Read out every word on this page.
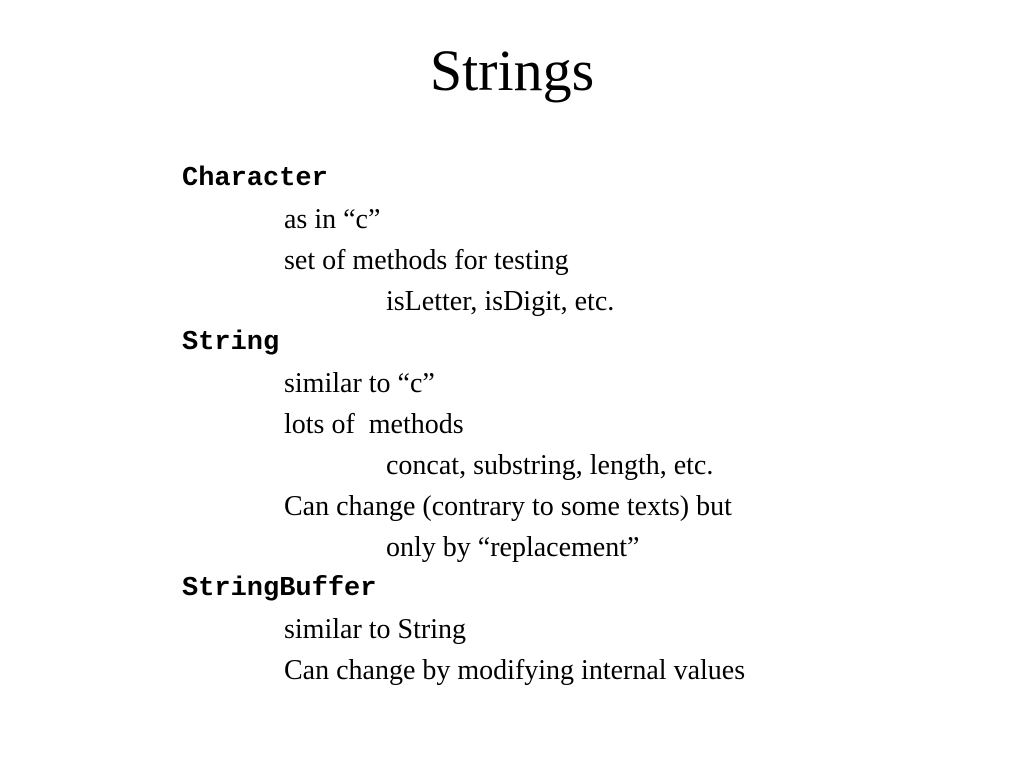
Strings
Character
as in “c”
set of methods for testing
isLetter, isDigit, etc.
String
similar to “c”
lots of  methods
concat, substring, length, etc.
Can change (contrary to some texts) but
only by “replacement”
StringBuffer
similar to String
Can change by modifying internal values
